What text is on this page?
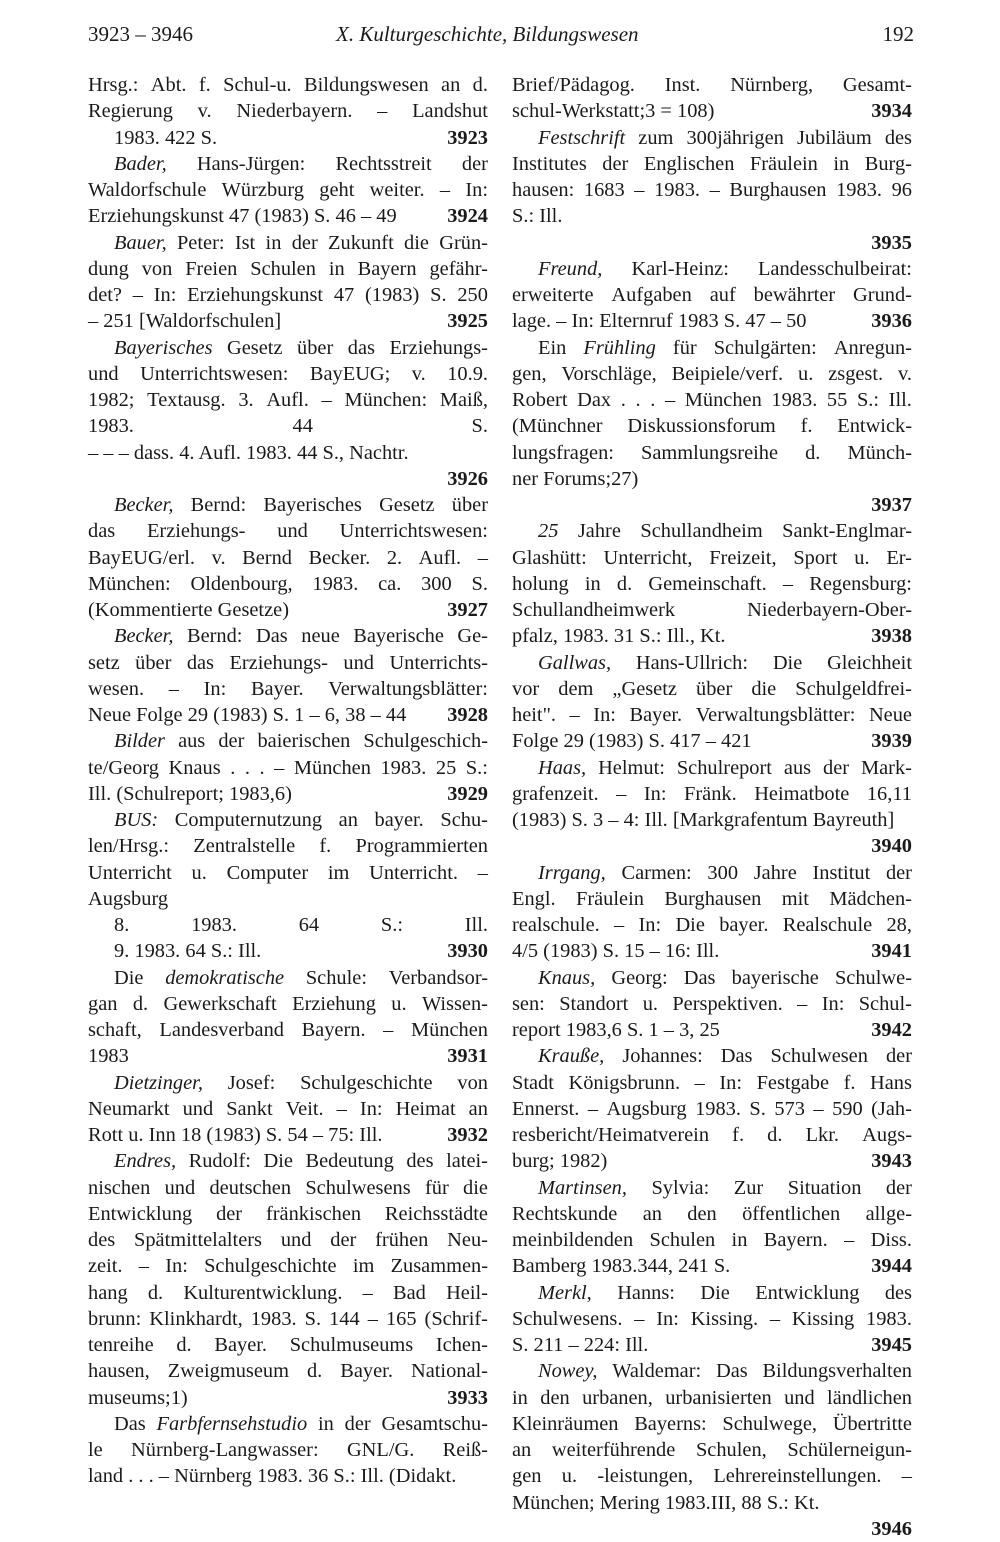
3923 – 3946	X. Kulturgeschichte, Bildungswesen	192
Hrsg.: Abt. f. Schul-u. Bildungswesen an d.
Regierung v. Niederbayern. – Landshut
1983. 422 S.	3923
Bader, Hans-Jürgen: Rechtsstreit der
Waldorfschule Würzburg geht weiter. – In:
Erziehungskunst 47 (1983) S. 46 – 49 3924
Bauer, Peter: Ist in der Zukunft die Grün-
dung von Freien Schulen in Bayern gefähr-
det? – In: Erziehungskunst 47 (1983) S. 250
– 251 [Waldorfschulen]	3925
Bayerisches Gesetz über das Erziehungs-
und Unterrichtswesen: BayEUG; v. 10.9.
1982; Textausg. 3. Aufl. – München: Maiß,
1983.	44	S.
– – – dass. 4. Aufl. 1983. 44 S., Nachtr.
3926
Becker, Bernd: Bayerisches Gesetz über
das Erziehungs- und Unterrichtswesen:
BayEUG/erl. v. Bernd Becker. 2. Aufl. –
München: Oldenbourg, 1983. ca. 300 S.
(Kommentierte Gesetze)	3927
Becker, Bernd: Das neue Bayerische Ge-
setz über das Erziehungs- und Unterrichts-
wesen. – In: Bayer. Verwaltungsblätter:
Neue Folge 29 (1983) S. 1 – 6, 38 – 44 3928
Bilder aus der baierischen Schulgeschich-
te/Georg Knaus . . . – München 1983. 25 S.:
Ill. (Schulreport; 1983,6)	3929
BUS: Computernutzung an bayer. Schu-
len/Hrsg.: Zentralstelle f. Programmierten
Unterricht u. Computer im Unterricht. –
Augsburg
8.	1983.	64	S.:	Ill.
9. 1983. 64 S.: Ill.	3930
Die demokratische Schule: Verbandsor-
gan d. Gewerkschaft Erziehung u. Wissen-
schaft, Landesverband Bayern. – München
1983	3931
Dietzinger, Josef: Schulgeschichte von
Neumarkt und Sankt Veit. – In: Heimat an
Rott u. Inn 18 (1983) S. 54 – 75: Ill.	3932
Endres, Rudolf: Die Bedeutung des latei-
nischen und deutschen Schulwesens für die
Entwicklung der fränkischen Reichsstädte
des Spätmittelalters und der frühen Neu-
zeit. – In: Schulgeschichte im Zusammen-
hang d. Kulturentwicklung. – Bad Heil-
brunn: Klinkhardt, 1983. S. 144 – 165 (Schrif-
tenreihe d. Bayer. Schulmuseums Ichen-
hausen, Zweigmuseum d. Bayer. National-
museums;1)	3933
Das Farbfernsehstudio in der Gesamtschu-
le Nürnberg-Langwasser: GNL/G. Reiß-
land . . . – Nürnberg 1983. 36 S.: Ill. (Didakt.
Brief/Pädagog. Inst. Nürnberg, Gesamt-
schul-Werkstatt;3 = 108)	3934
Festschrift zum 300jährigen Jubiläum des
Institutes der Englischen Fräulein in Burg-
hausen: 1683 – 1983. – Burghausen 1983. 96
S.: Ill.
3935
Freund, Karl-Heinz: Landesschulbeirat:
erweiterte Aufgaben auf bewährter Grund-
lage. – In: Elternruf 1983 S. 47 – 50	3936
Ein Frühling für Schulgärten: Anregun-
gen, Vorschläge, Beipiele/verf. u. zsgest. v.
Robert Dax . . . – München 1983. 55 S.: Ill.
(Münchner Diskussionsforum f. Entwick-
lungsfragen: Sammlungsreihe d. Münch-
ner Forums;27)
3937
25 Jahre Schullandheim Sankt-Englmar-
Glashütt: Unterricht, Freizeit, Sport u. Er-
holung in d. Gemeinschaft. – Regensburg:
Schullandheimwerk	Niederbayern-Ober-
pfalz, 1983. 31 S.: Ill., Kt.	3938
Gallwas, Hans-Ullrich: Die Gleichheit
vor dem „Gesetz über die Schulgeldfrei-
heit". – In: Bayer. Verwaltungsblätter: Neue
Folge 29 (1983) S. 417 – 421	3939
Haas, Helmut: Schulreport aus der Mark-
grafenzeit. – In: Fränk. Heimatbote 16,11
(1983) S. 3 – 4: Ill. [Markgrafentum Bayreuth]
3940
Irrgang, Carmen: 300 Jahre Institut der
Engl. Fräulein Burghausen mit Mädchen-
realschule. – In: Die bayer. Realschule 28,
4/5 (1983) S. 15 – 16: Ill.	3941
Knaus, Georg: Das bayerische Schulwe-
sen: Standort u. Perspektiven. – In: Schul-
report 1983,6 S. 1 – 3, 25	3942
Krauße, Johannes: Das Schulwesen der
Stadt Königsbrunn. – In: Festgabe f. Hans
Ennerst. – Augsburg 1983. S. 573 – 590 (Jah-
resbericht/Heimatverein f. d. Lkr. Augs-
burg; 1982)	3943
Martinsen, Sylvia: Zur Situation der
Rechtskunde an den öffentlichen allge-
meinbildenden Schulen in Bayern. – Diss.
Bamberg 1983.344, 241 S.	3944
Merkl, Hanns: Die Entwicklung des
Schulwesens. – In: Kissing. – Kissing 1983.
S. 211 – 224: Ill.	3945
Nowey, Waldemar: Das Bildungsverhalten
in den urbanen, urbanisierten und ländlichen
Kleinräumen Bayerns: Schulwege, Übertritte
an weiterführende Schulen, Schülerneigun-
gen u. -leistungen, Lehrereinstellungen. –
München; Mering 1983.III, 88 S.: Kt.
3946
